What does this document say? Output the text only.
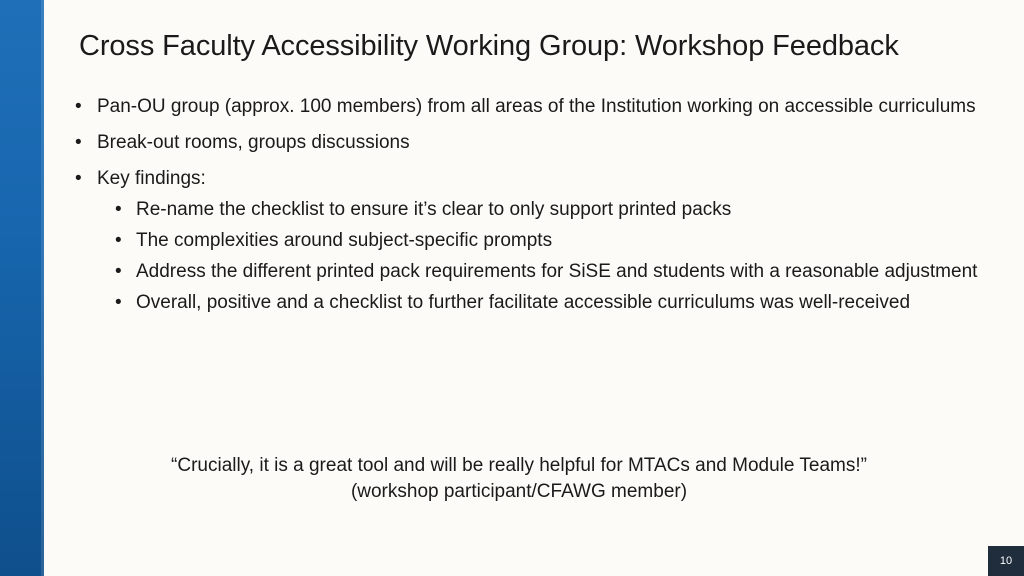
Cross Faculty Accessibility Working Group: Workshop Feedback
• Pan-OU group (approx. 100 members) from all areas of the Institution working on accessible curriculums
• Break-out rooms, groups discussions
• Key findings:
• Re-name the checklist to ensure it’s clear to only support printed packs
• The complexities around subject-specific prompts
• Address the different printed pack requirements for SiSE and students with a reasonable adjustment
• Overall, positive and a checklist to further facilitate accessible curriculums was well-received
“Crucially, it is a great tool and will be really helpful for MTACs and Module Teams!”
(workshop participant/CFAWG member)
10
